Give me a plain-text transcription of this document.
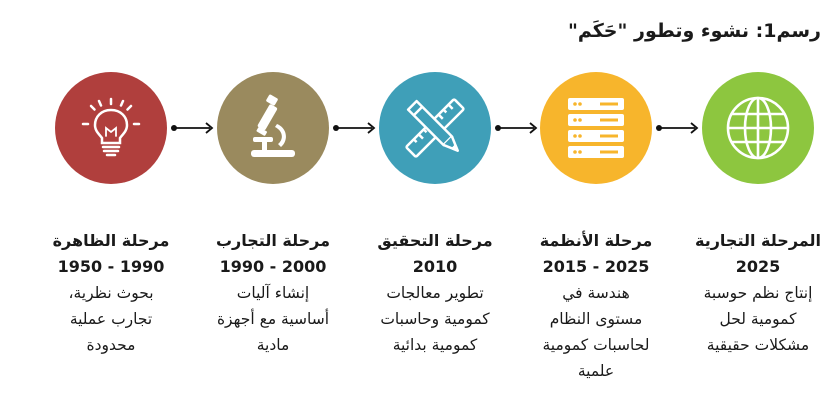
رسم1: نشوء وتطور "حَكَم"
مرحلة الظاهرة
1950 - 1990
بحوث نظرية،
تجارب عملية
محدودة
مرحلة التجارب
1990 - 2000
إنشاء آليات
أساسية مع أجهزة
مادية
مرحلة التحقيق
2010
تطوير معالجات
كمومية وحاسبات
كمومية بدائية
مرحلة الأنظمة
2015 - 2025
هندسة في
مستوى النظام
لحاسبات كمومية
علمية
المرحلة التجارية
2025
إنتاج نظم حوسبة
كمومية لحل
مشكلات حقيقية
